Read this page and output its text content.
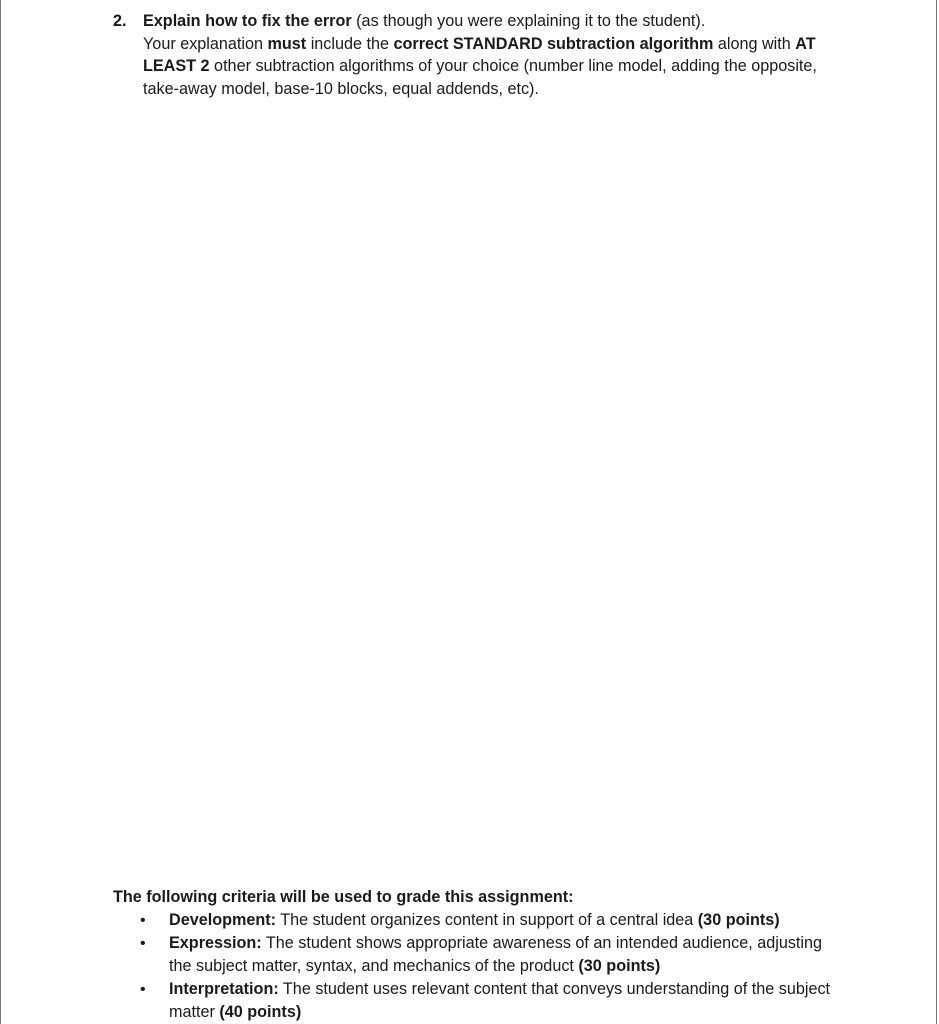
2. Explain how to fix the error (as though you were explaining it to the student).
Your explanation must include the correct STANDARD subtraction algorithm along with AT LEAST 2 other subtraction algorithms of your choice (number line model, adding the opposite, take-away model, base-10 blocks, equal addends, etc).
The following criteria will be used to grade this assignment:
• Development: The student organizes content in support of a central idea (30 points)
• Expression: The student shows appropriate awareness of an intended audience, adjusting the subject matter, syntax, and mechanics of the product (30 points)
• Interpretation: The student uses relevant content that conveys understanding of the subject matter (40 points)
